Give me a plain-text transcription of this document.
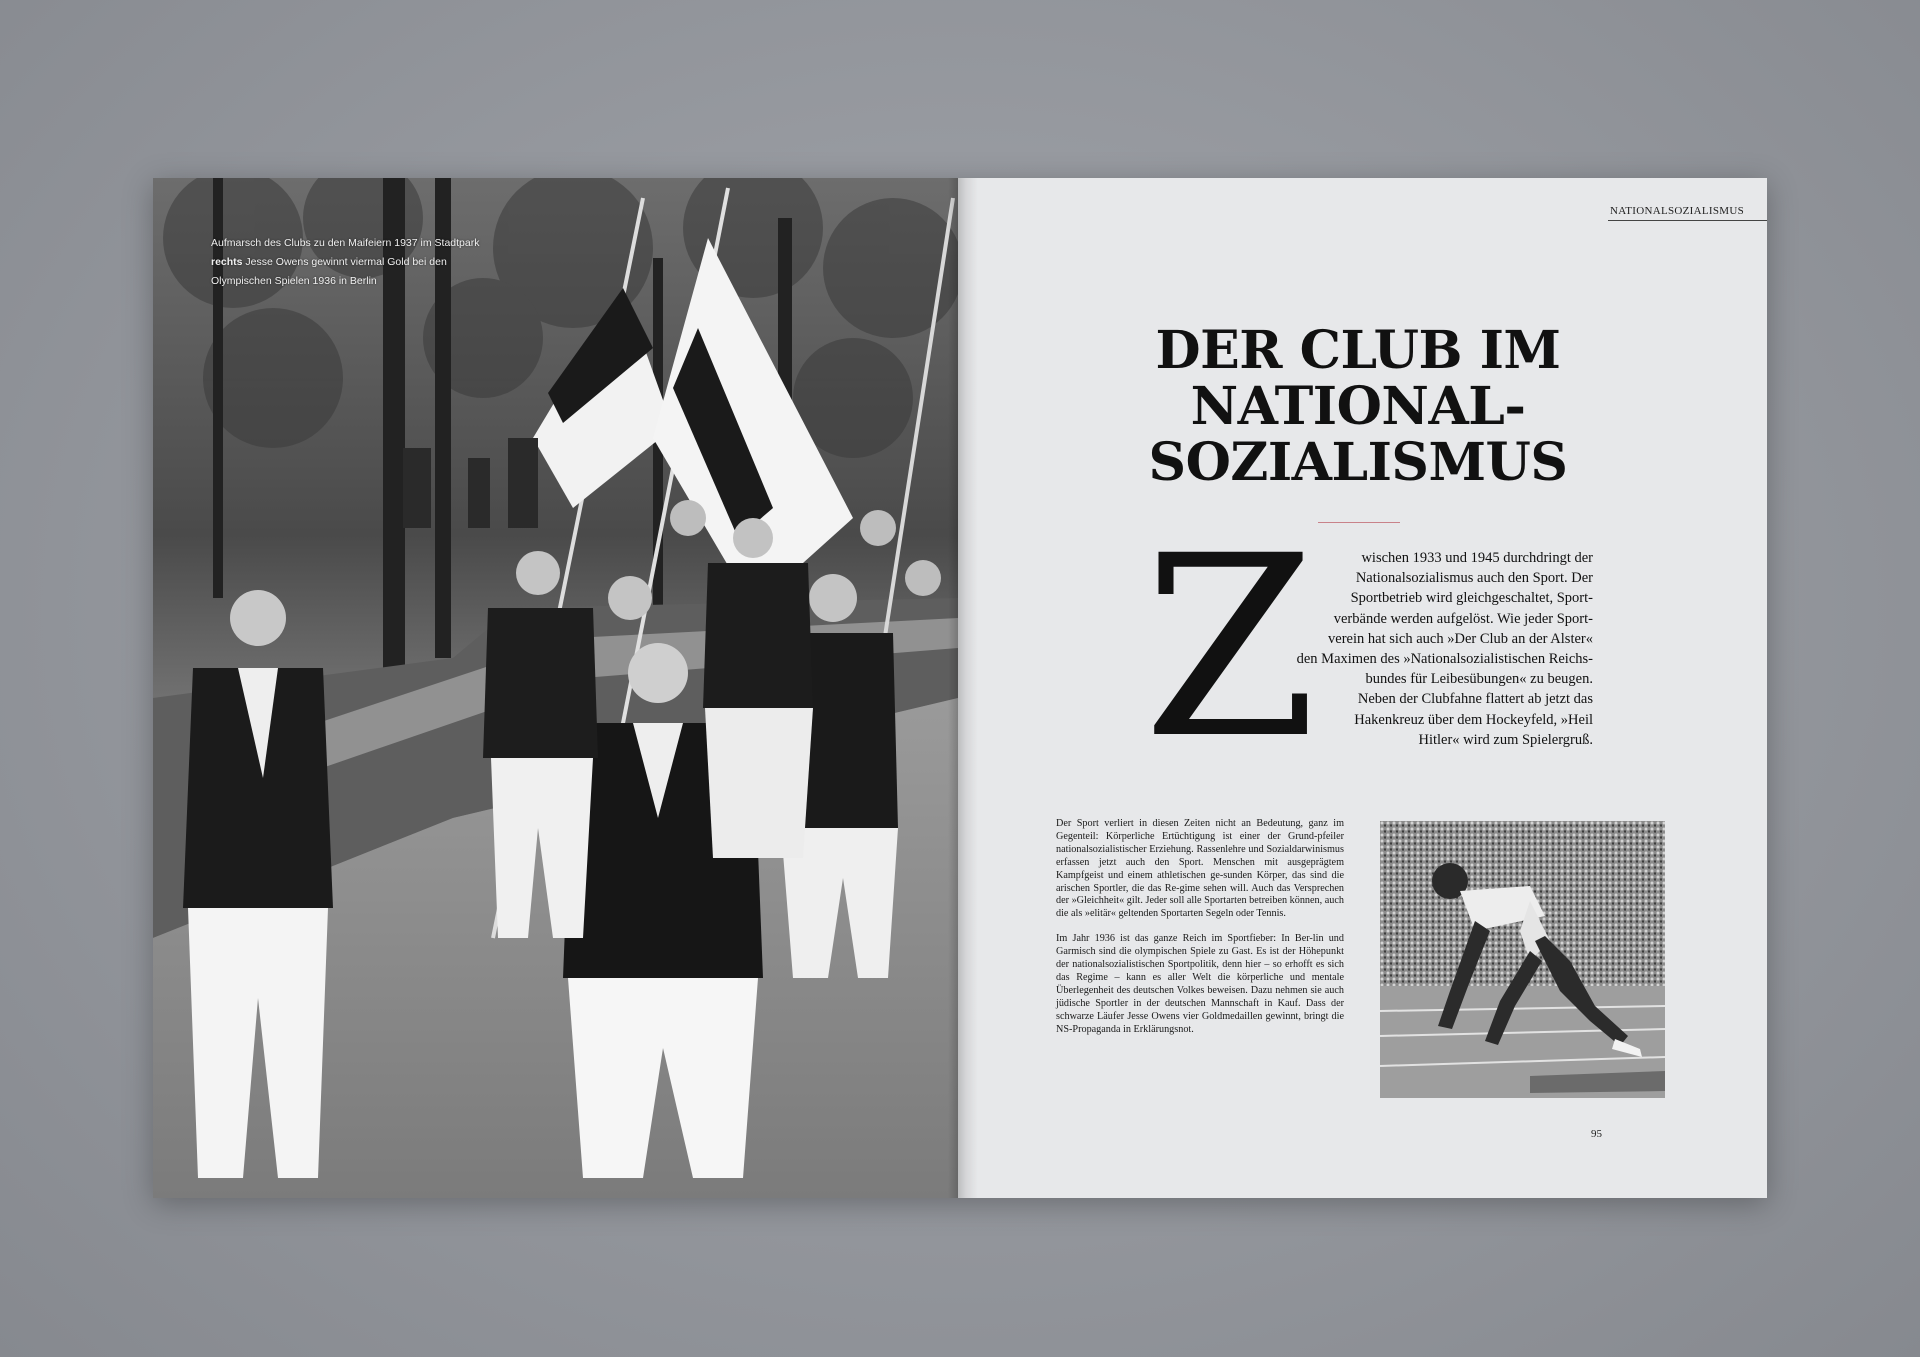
Aufmarsch des Clubs zu den Maifeiern 1937 im Stadtpark
rechts Jesse Owens gewinnt viermal Gold bei den
Olympischen Spielen 1936 in Berlin
NATIONALSOZIALISMUS
DER CLUB IM
NATIONAL-
SOZIALISMUS
Z	wischen 1933 und 1945 durchdringt der
Nationalsozialismus auch den Sport. Der
Sportbetrieb wird gleichgeschaltet, Sport-
verbände werden aufgelöst. Wie jeder Sport-
verein hat sich auch »Der Club an der Alster«
den Maximen des »Nationalsozialistischen Reichs-
bundes für Leibesübungen« zu beugen.
Neben der Clubfahne flattert ab jetzt das
Hakenkreuz über dem Hockeyfeld, »Heil
Hitler« wird zum Spielergruß.

Der Sport verliert in diesen Zeiten nicht an Bedeutung, ganz im Gegenteil: Körperliche Ertüchtigung ist einer der Grund-pfeiler nationalsozialistischer Erziehung. Rassenlehre und Sozialdarwinismus erfassen jetzt auch den Sport. Menschen mit ausgeprägtem Kampfgeist und einem athletischen ge-sunden Körper, das sind die arischen Sportler, die das Re-gime sehen will. Auch das Versprechen der »Gleichheit« gilt. Jeder soll alle Sportarten betreiben können, auch die als »elitär« geltenden Sportarten Segeln oder Tennis.

Im Jahr 1936 ist das ganze Reich im Sportfieber: In Ber-lin und Garmisch sind die olympischen Spiele zu Gast. Es ist der Höhepunkt der nationalsozialistischen Sportpolitik, denn hier – so erhofft es sich das Regime – kann es aller Welt die körperliche und mentale Überlegenheit des deutschen Volkes beweisen. Dazu nehmen sie auch jüdische Sportler in der deutschen Mannschaft in Kauf. Dass der schwarze Läufer Jesse Owens vier Goldmedaillen gewinnt, bringt die NS-Propaganda in Erklärungsnot.

95
